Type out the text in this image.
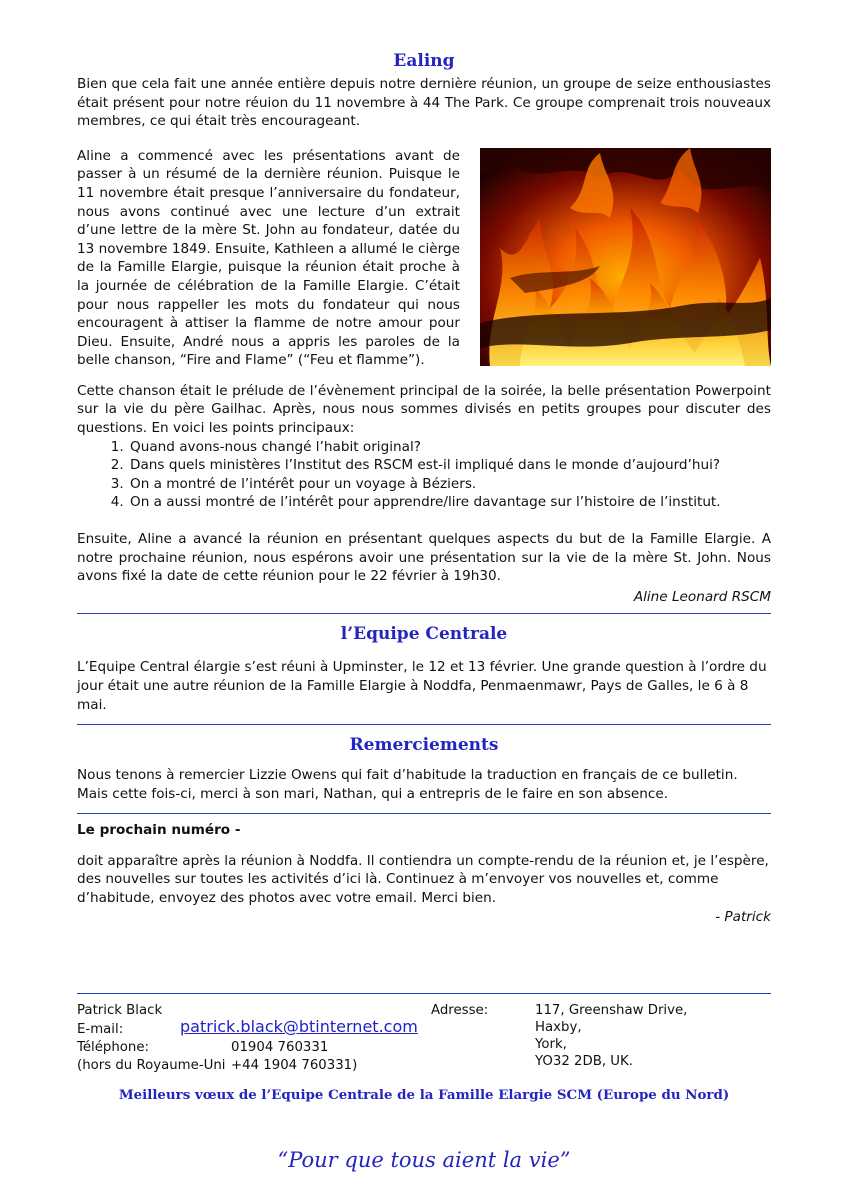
Ealing

Bien que cela fait une année entière depuis notre dernière réunion, un groupe de seize enthousiastes était présent pour notre réuion du 11 novembre à 44 The Park. Ce groupe comprenait trois nouveaux membres, ce qui était très encourageant.

Aline a commencé avec les présentations avant de passer à un résumé de la dernière réunion. Puisque le 11 novembre était presque l’anniversaire du fondateur, nous avons continué avec une lecture d’un extrait d’une lettre de la mère St. John au fondateur, datée du 13 novembre 1849. Ensuite, Kathleen a allumé le cièrge de la Famille Elargie, puisque la réunion était proche à la journée de célébration de la Famille Elargie. C’était pour nous rappeller les mots du fondateur qui nous encouragent à attiser la flamme de notre amour pour Dieu. Ensuite, André nous a appris les paroles de la belle chanson, “Fire and Flame” (“Feu et flamme”).

Cette chanson était le prélude de l’évènement principal de la soirée, la belle présentation Powerpoint sur la vie du père Gailhac. Après, nous nous sommes divisés en petits groupes pour discuter des questions. En voici les points principaux:

1. Quand avons-nous changé l’habit original?
2. Dans quels ministères l’Institut des RSCM est-il impliqué dans le monde d’aujourd’hui?
3. On a montré de l’intérêt pour un voyage à Béziers.
4. On a aussi montré de l’intérêt pour apprendre/lire davantage sur l’histoire de l’institut.

Ensuite, Aline a avancé la réunion en présentant quelques aspects du but de la Famille Elargie. A notre prochaine réunion, nous espérons avoir une présentation sur la vie de la mère St. John. Nous avons fixé la date de cette réunion pour le 22 février à 19h30.

Aline Leonard RSCM

l’Equipe Centrale

L’Equipe Central élargie s’est réuni à Upminster, le 12 et 13 février. Une grande question à l’ordre du jour était une autre réunion de la Famille Elargie à Noddfa, Penmaenmawr, Pays de Galles, le 6 à 8 mai.

Remerciements

Nous tenons à remercier Lizzie Owens qui fait d’habitude la traduction en français de ce bulletin. Mais cette fois-ci, merci à son mari, Nathan, qui a entrepris de le faire en son absence.

Le prochain numéro -

doit apparaître après la réunion à Noddfa. Il contiendra un compte-rendu de la réunion et, je l’espère, des nouvelles sur toutes les activités d’ici là. Continuez à m’envoyer vos nouvelles et, comme d’habitude, envoyez des photos avec votre email. Merci bien.

- Patrick

Patrick Black
E-mail:	patrick.black@btinternet.com
Téléphone:	01904 760331
(hors du Royaume-Uni +44 1904 760331)
Adresse:	117, Greenshaw Drive,
Haxby,
York,
YO32 2DB, UK.
Meilleurs vœux de l’Equipe Centrale de la Famille Elargie SCM (Europe du Nord)
“Pour que tous aient la vie”
